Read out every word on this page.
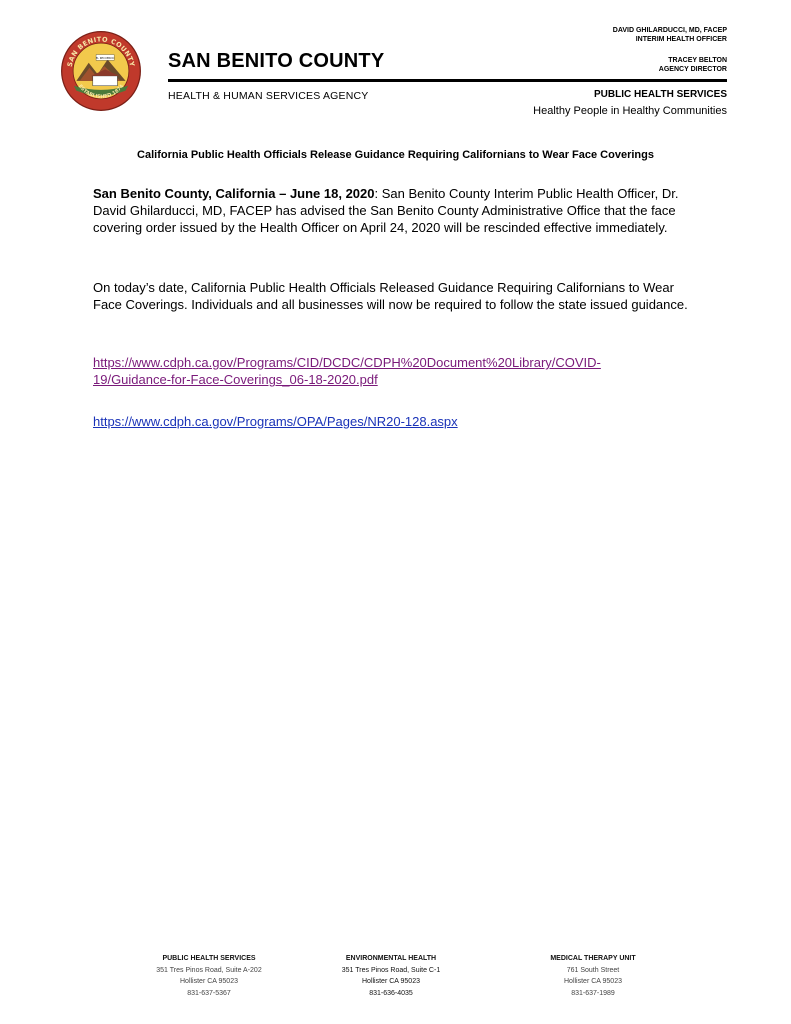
EL RECUERDO
SAN BENITO COUNTY
ESTABLISHED 1874
SAN BENITO COUNTY
HEALTH & HUMAN SERVICES AGENCY
DAVID GHILARDUCCI, MD, FACEP
INTERIM HEALTH OFFICER
TRACEY BELTON
AGENCY DIRECTOR
PUBLIC HEALTH SERVICES
Healthy People in Healthy Communities
California Public Health Officials Release Guidance Requiring Californians to Wear Face Coverings
San Benito County, California – June 18, 2020: San Benito County Interim Public Health Officer, Dr. David Ghilarducci, MD, FACEP has advised the San Benito County Administrative Office that the face covering order issued by the Health Officer on April 24, 2020 will be rescinded effective immediately.
On today’s date, California Public Health Officials Released Guidance Requiring Californians to Wear Face Coverings. Individuals and all businesses will now be required to follow the state issued guidance.
https://www.cdph.ca.gov/Programs/CID/DCDC/CDPH%20Document%20Library/COVID-
19/Guidance-for-Face-Coverings_06-18-2020.pdf
https://www.cdph.ca.gov/Programs/OPA/Pages/NR20-128.aspx
PUBLIC HEALTH SERVICES
351 Tres Pinos Road, Suite A-202
Hollister CA 95023
831-637-5367
ENVIRONMENTAL HEALTH
351 Tres Pinos Road, Suite C-1
Hollister CA 95023
831-636-4035
MEDICAL THERAPY UNIT
761 South Street
Hollister CA 95023
831-637-1989
